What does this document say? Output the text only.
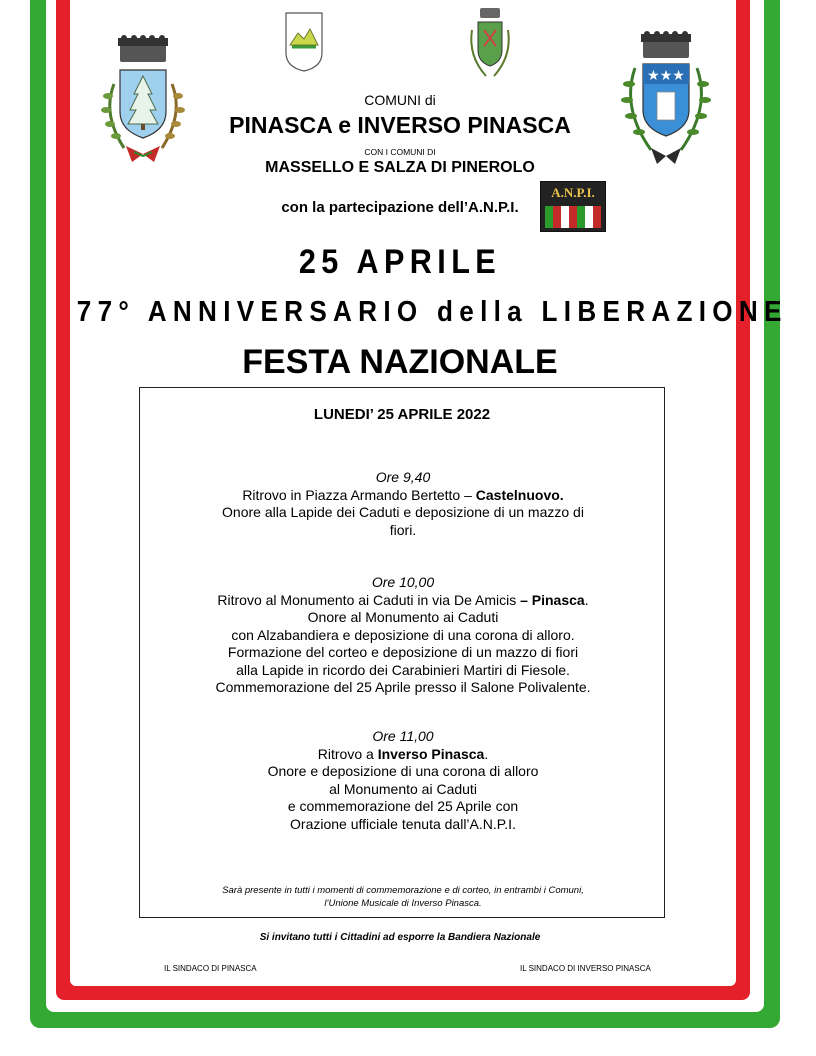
★★★
COMUNI di
PINASCA e INVERSO PINASCA
CON I COMUNI DI
MASSELLO E SALZA DI PINEROLO
con la partecipazione dell’A.N.P.I.
A.N.P.I.
25 APRILE
77° ANNIVERSARIO della LIBERAZIONE
FESTA NAZIONALE
LUNEDI’ 25 APRILE 2022
Ore 9,40
Ritrovo in Piazza Armando Bertetto – Castelnuovo.
Onore alla Lapide dei Caduti e deposizione di un mazzo di
fiori.
Ore 10,00
Ritrovo al Monumento ai Caduti in via De Amicis – Pinasca.
Onore al Monumento ai Caduti
con Alzabandiera e deposizione di una corona di alloro.
Formazione del corteo e deposizione di un mazzo di fiori
alla Lapide in ricordo dei Carabinieri Martiri di Fiesole.
Commemorazione del 25 Aprile presso il Salone Polivalente.
Ore 11,00
Ritrovo a Inverso Pinasca.
Onore e deposizione di una corona di alloro
al Monumento ai Caduti
e commemorazione del 25 Aprile con
Orazione ufficiale tenuta dall’A.N.P.I.
Sarà presente in tutti i momenti di commemorazione e di corteo, in entrambi i Comuni,
l’Unione Musicale di Inverso Pinasca.
Si invitano tutti i Cittadini ad esporre la Bandiera Nazionale
IL SINDACO DI PINASCA	IL SINDACO DI INVERSO PINASCA
